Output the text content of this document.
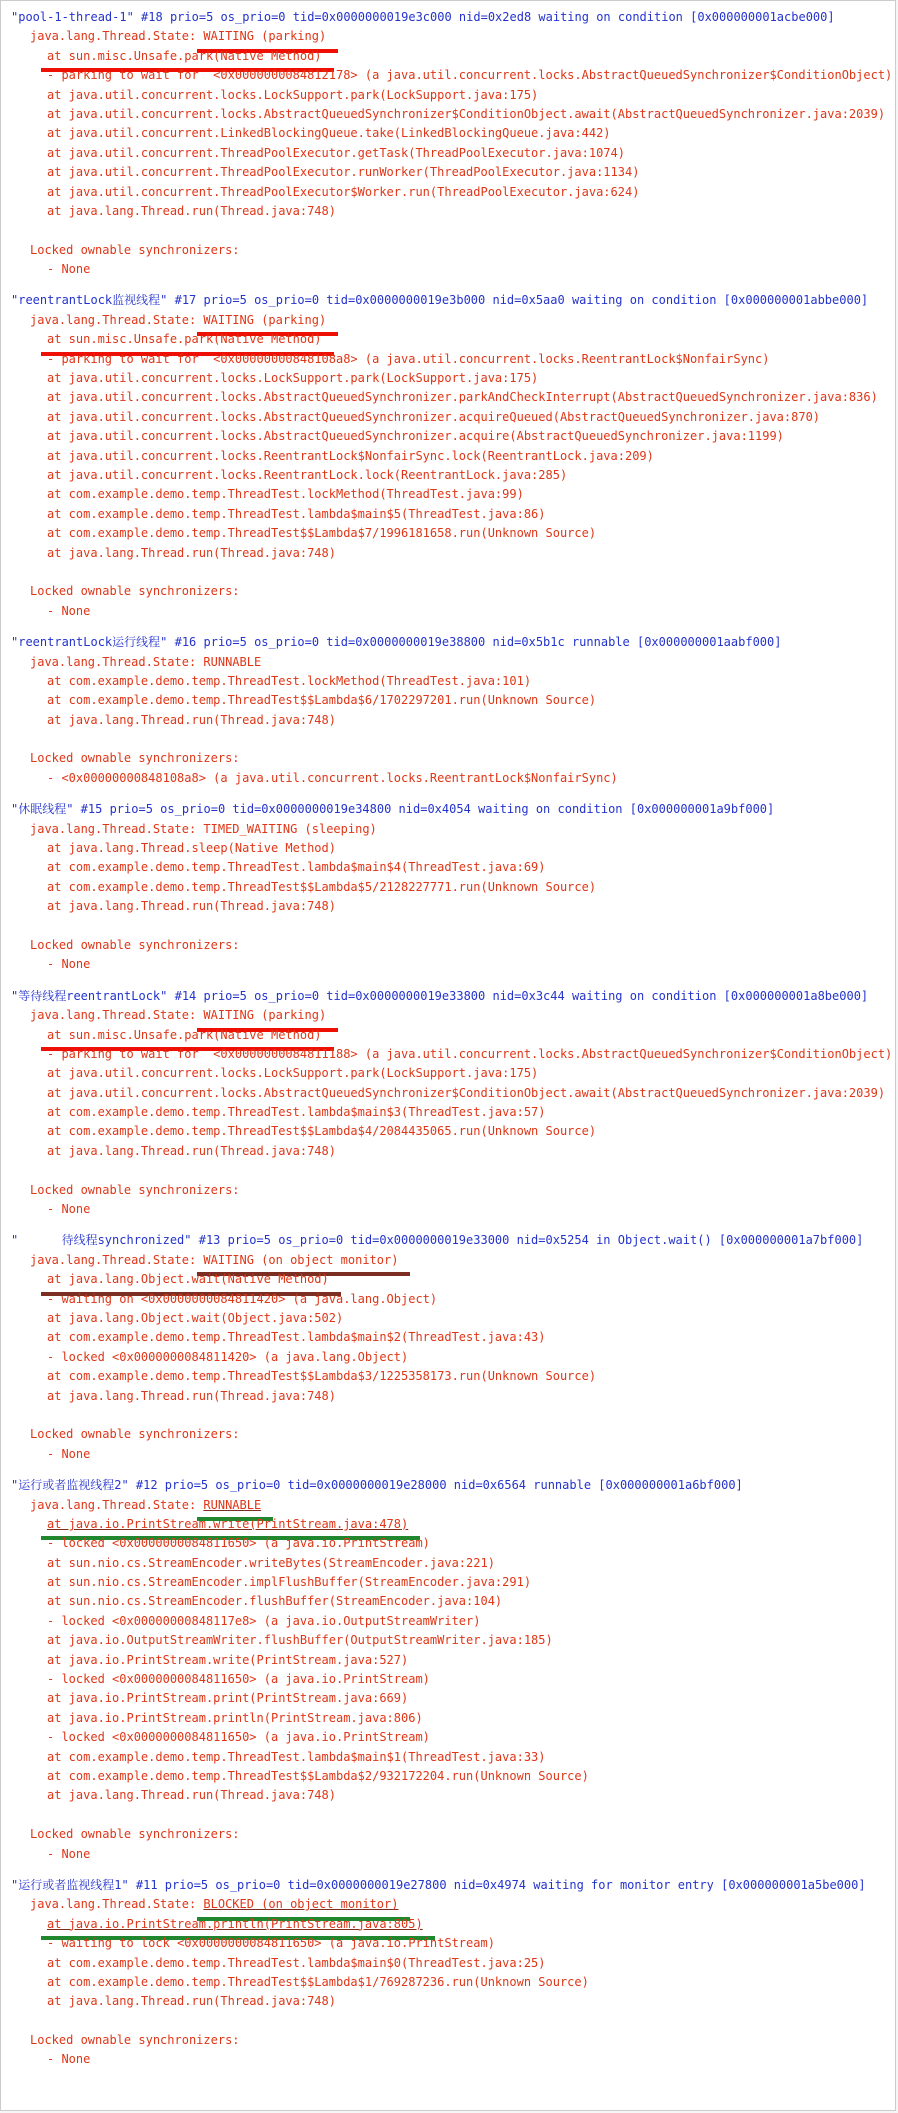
"pool-1-thread-1" #18 prio=5 os_prio=0 tid=0x0000000019e3c000 nid=0x2ed8 waiting on condition [0x000000001acbe000]
java.lang.Thread.State: WAITING (parking)
at sun.misc.Unsafe.park(Native Method)
- parking to wait for  <0x0000000084812178> (a java.util.concurrent.locks.AbstractQueuedSynchronizer$ConditionObject)
at java.util.concurrent.locks.LockSupport.park(LockSupport.java:175)
at java.util.concurrent.locks.AbstractQueuedSynchronizer$ConditionObject.await(AbstractQueuedSynchronizer.java:2039)
at java.util.concurrent.LinkedBlockingQueue.take(LinkedBlockingQueue.java:442)
at java.util.concurrent.ThreadPoolExecutor.getTask(ThreadPoolExecutor.java:1074)
at java.util.concurrent.ThreadPoolExecutor.runWorker(ThreadPoolExecutor.java:1134)
at java.util.concurrent.ThreadPoolExecutor$Worker.run(ThreadPoolExecutor.java:624)
at java.lang.Thread.run(Thread.java:748)
Locked ownable synchronizers:
- None
"reentrantLock监视线程" #17 prio=5 os_prio=0 tid=0x0000000019e3b000 nid=0x5aa0 waiting on condition [0x000000001abbe000]
java.lang.Thread.State: WAITING (parking)
at sun.misc.Unsafe.park(Native Method)
- parking to wait for  <0x00000000848108a8> (a java.util.concurrent.locks.ReentrantLock$NonfairSync)
at java.util.concurrent.locks.LockSupport.park(LockSupport.java:175)
at java.util.concurrent.locks.AbstractQueuedSynchronizer.parkAndCheckInterrupt(AbstractQueuedSynchronizer.java:836)
at java.util.concurrent.locks.AbstractQueuedSynchronizer.acquireQueued(AbstractQueuedSynchronizer.java:870)
at java.util.concurrent.locks.AbstractQueuedSynchronizer.acquire(AbstractQueuedSynchronizer.java:1199)
at java.util.concurrent.locks.ReentrantLock$NonfairSync.lock(ReentrantLock.java:209)
at java.util.concurrent.locks.ReentrantLock.lock(ReentrantLock.java:285)
at com.example.demo.temp.ThreadTest.lockMethod(ThreadTest.java:99)
at com.example.demo.temp.ThreadTest.lambda$main$5(ThreadTest.java:86)
at com.example.demo.temp.ThreadTest$$Lambda$7/1996181658.run(Unknown Source)
at java.lang.Thread.run(Thread.java:748)
Locked ownable synchronizers:
- None
"reentrantLock运行线程" #16 prio=5 os_prio=0 tid=0x0000000019e38800 nid=0x5b1c runnable [0x000000001aabf000]
java.lang.Thread.State: RUNNABLE
at com.example.demo.temp.ThreadTest.lockMethod(ThreadTest.java:101)
at com.example.demo.temp.ThreadTest$$Lambda$6/1702297201.run(Unknown Source)
at java.lang.Thread.run(Thread.java:748)
Locked ownable synchronizers:
- <0x00000000848108a8> (a java.util.concurrent.locks.ReentrantLock$NonfairSync)
"休眠线程" #15 prio=5 os_prio=0 tid=0x0000000019e34800 nid=0x4054 waiting on condition [0x000000001a9bf000]
java.lang.Thread.State: TIMED_WAITING (sleeping)
at java.lang.Thread.sleep(Native Method)
at com.example.demo.temp.ThreadTest.lambda$main$4(ThreadTest.java:69)
at com.example.demo.temp.ThreadTest$$Lambda$5/2128227771.run(Unknown Source)
at java.lang.Thread.run(Thread.java:748)
Locked ownable synchronizers:
- None
"等待线程reentrantLock" #14 prio=5 os_prio=0 tid=0x0000000019e33800 nid=0x3c44 waiting on condition [0x000000001a8be000]
java.lang.Thread.State: WAITING (parking)
at sun.misc.Unsafe.park(Native Method)
- parking to wait for  <0x0000000084811188> (a java.util.concurrent.locks.AbstractQueuedSynchronizer$ConditionObject)
at java.util.concurrent.locks.LockSupport.park(LockSupport.java:175)
at java.util.concurrent.locks.AbstractQueuedSynchronizer$ConditionObject.await(AbstractQueuedSynchronizer.java:2039)
at com.example.demo.temp.ThreadTest.lambda$main$3(ThreadTest.java:57)
at com.example.demo.temp.ThreadTest$$Lambda$4/2084435065.run(Unknown Source)
at java.lang.Thread.run(Thread.java:748)
Locked ownable synchronizers:
- None
"      待线程synchronized" #13 prio=5 os_prio=0 tid=0x0000000019e33000 nid=0x5254 in Object.wait() [0x000000001a7bf000]
java.lang.Thread.State: WAITING (on object monitor)
at java.lang.Object.wait(Native Method)
- waiting on <0x0000000084811420> (a java.lang.Object)
at java.lang.Object.wait(Object.java:502)
at com.example.demo.temp.ThreadTest.lambda$main$2(ThreadTest.java:43)
- locked <0x0000000084811420> (a java.lang.Object)
at com.example.demo.temp.ThreadTest$$Lambda$3/1225358173.run(Unknown Source)
at java.lang.Thread.run(Thread.java:748)
Locked ownable synchronizers:
- None
"运行或者监视线程2" #12 prio=5 os_prio=0 tid=0x0000000019e28000 nid=0x6564 runnable [0x000000001a6bf000]
java.lang.Thread.State: RUNNABLE
at java.io.PrintStream.write(PrintStream.java:478)
- locked <0x0000000084811650> (a java.io.PrintStream)
at sun.nio.cs.StreamEncoder.writeBytes(StreamEncoder.java:221)
at sun.nio.cs.StreamEncoder.implFlushBuffer(StreamEncoder.java:291)
at sun.nio.cs.StreamEncoder.flushBuffer(StreamEncoder.java:104)
- locked <0x00000000848117e8> (a java.io.OutputStreamWriter)
at java.io.OutputStreamWriter.flushBuffer(OutputStreamWriter.java:185)
at java.io.PrintStream.write(PrintStream.java:527)
- locked <0x0000000084811650> (a java.io.PrintStream)
at java.io.PrintStream.print(PrintStream.java:669)
at java.io.PrintStream.println(PrintStream.java:806)
- locked <0x0000000084811650> (a java.io.PrintStream)
at com.example.demo.temp.ThreadTest.lambda$main$1(ThreadTest.java:33)
at com.example.demo.temp.ThreadTest$$Lambda$2/932172204.run(Unknown Source)
at java.lang.Thread.run(Thread.java:748)
Locked ownable synchronizers:
- None
"运行或者监视线程1" #11 prio=5 os_prio=0 tid=0x0000000019e27800 nid=0x4974 waiting for monitor entry [0x000000001a5be000]
java.lang.Thread.State: BLOCKED (on object monitor)
at java.io.PrintStream.println(PrintStream.java:805)
- waiting to lock <0x0000000084811650> (a java.io.PrintStream)
at com.example.demo.temp.ThreadTest.lambda$main$0(ThreadTest.java:25)
at com.example.demo.temp.ThreadTest$$Lambda$1/769287236.run(Unknown Source)
at java.lang.Thread.run(Thread.java:748)
Locked ownable synchronizers:
- None
